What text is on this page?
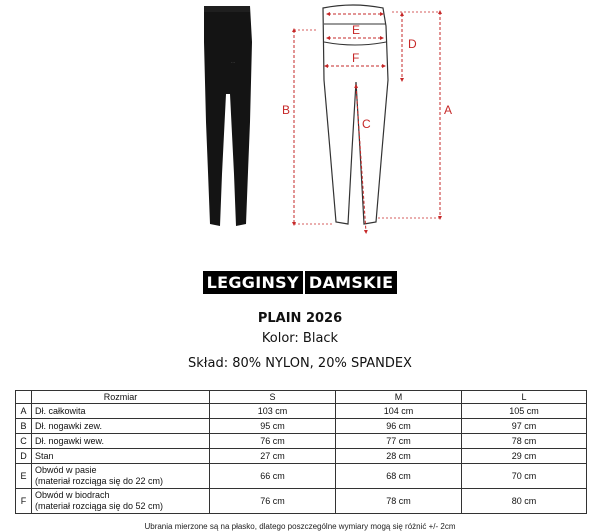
···
E
F
D
A
B
C
LEGGINSY DAMSKIE
PLAIN 2026
Kolor: Black
Skład: 80% NYLON, 20% SPANDEX
	Rozmiar	S	M	L
A	Dł. całkowita	103 cm	104 cm	105 cm
B	Dł. nogawki zew.	95 cm	96 cm	97 cm
C	Dł. nogawki wew.	76 cm	77 cm	78 cm
D	Stan	27 cm	28 cm	29 cm
E	Obwód w pasie
(materiał rozciąga się do 22 cm)	66 cm	68 cm	70 cm
F	Obwód w biodrach
(materiał rozciąga się do 52 cm)	76 cm	78 cm	80 cm
Ubrania mierzone są na płasko, dlatego poszczególne wymiary mogą się różnić +/- 2cm
